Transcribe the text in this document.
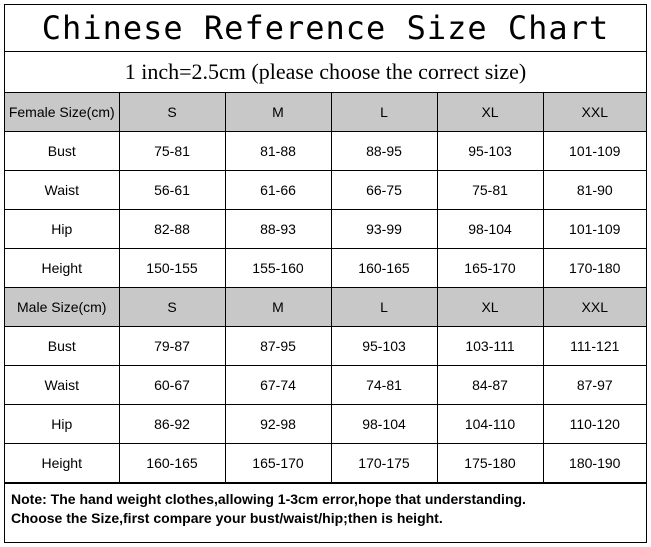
Chinese Reference Size Chart
1 inch=2.5cm (please choose the correct size)
Female Size(cm)	S	M	L	XL	XXL
Bust	75-81	81-88	88-95	95-103	101-109
Waist	56-61	61-66	66-75	75-81	81-90
Hip	82-88	88-93	93-99	98-104	101-109
Height	150-155	155-160	160-165	165-170	170-180
Male Size(cm)	S	M	L	XL	XXL
Bust	79-87	87-95	95-103	103-111	111-121
Waist	60-67	67-74	74-81	84-87	87-97
Hip	86-92	92-98	98-104	104-110	110-120
Height	160-165	165-170	170-175	175-180	180-190
Note: The hand weight clothes,allowing 1-3cm error,hope that understanding.
Choose the Size,first compare your bust/waist/hip;then is height.
